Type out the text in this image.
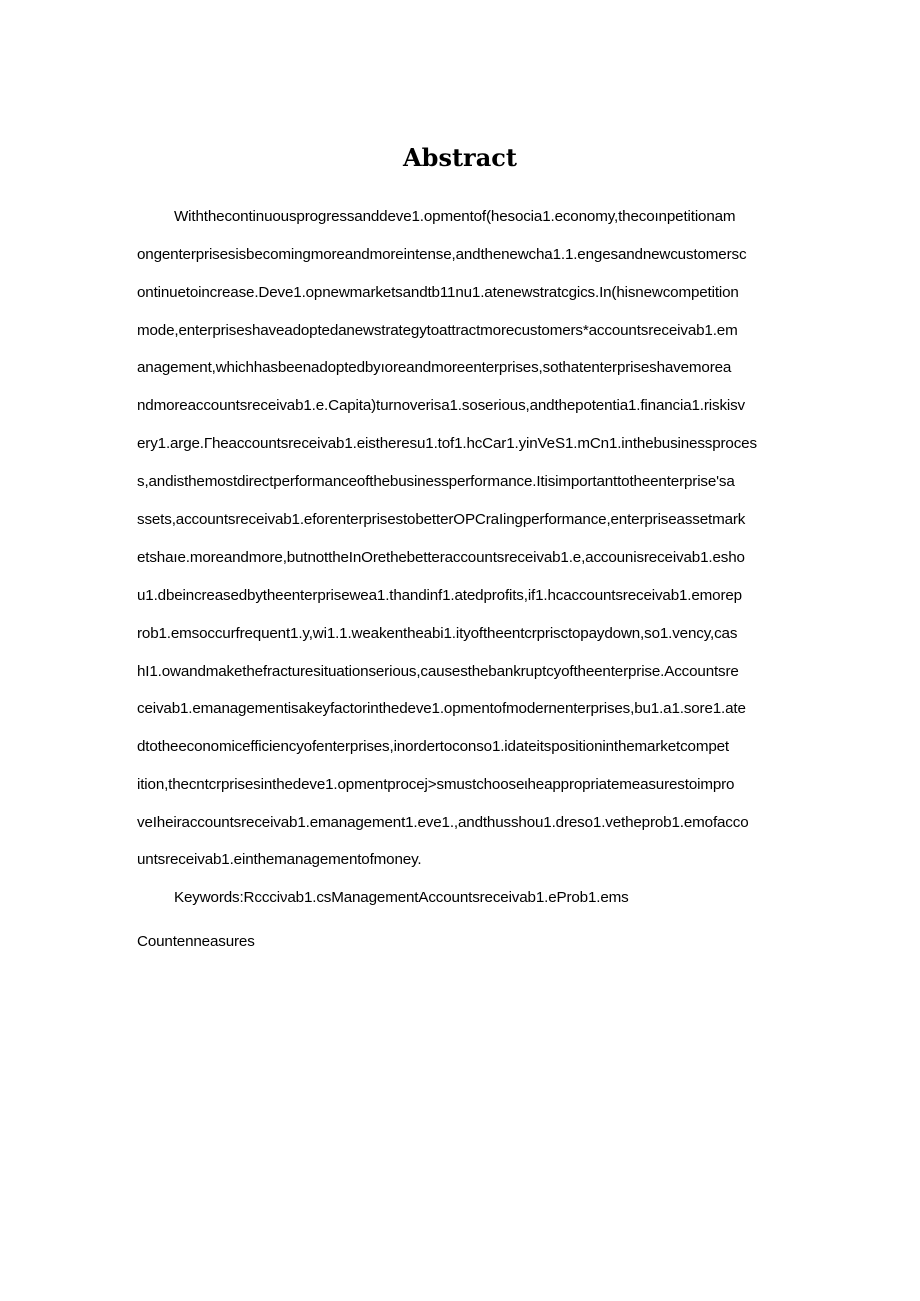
Abstract
Withthecontinuousprogressanddeve1.opmentof(hesocia1.economy,thecoınpetitionam
ongenterprisesisbecomingmoreandmoreintense,andthenewcha1.1.engesandnewcustomersc
ontinuetoincrease.Deve1.opnewmarketsandtb11nu1.atenewstratcgics.In(hisnewcompetition
mode,enterpriseshaveadoptedanewstrategytoattractmorecustomers*accountsreceivab1.em
anagement,whichhasbeenadoptedbyıoreandmoreenterprises,sothatenterpriseshavemorea
ndmoreaccountsreceivab1.e.Capita)turnoverisa1.soserious,andthepotentia1.financia1.riskisv
ery1.arge.Гheaccountsreceivab1.eistheresu1.tof1.hcCar1.yinVeS1.mCn1.inthebusinessproces
s,andisthemostdirectperformanceofthebusinessperformance.Itisimportanttotheenterprise'sa
ssets,accountsreceivab1.eforenterprisestobetterOPCraIingperformance,enterpriseassetmark
etshaıe.moreandmore,butnottheInOrethebetteraccountsreceivab1.e,accounisreceivab1.esho
u1.dbeincreasedbytheenterprisewea1.thandinf1.atedprofits,if1.hcaccountsreceivab1.emorep
rob1.emsoccurfrequent1.y,wi1.1.weakentheabi1.ityoftheentcrprisctopaydown,so1.vency,cas
hI1.owandmakethefracturesituationserious,causesthebankruptcyoftheenterprise.Accountsre
ceivab1.emanagementisakeyfactorinthedeve1.opmentofmodernenterprises,bu1.a1.sore1.ate
dtotheeconomicefficiencyofenterprises,inordertoconso1.idateitspositioninthemarketcompet
ition,thecntcrprisesinthedeve1.opmentprocej>smustchooseιheappropriatemeasurestoimpro
veIheiraccountsreceivab1.emanagement1.eve1.,andthusshou1.dreso1.vetheprob1.emofacco
untsreceivab1.einthemanagementofmoney.
Keywords:Rccciνab1.csManagementAccountsreceivab1.eProb1.ems
Countenneasures
